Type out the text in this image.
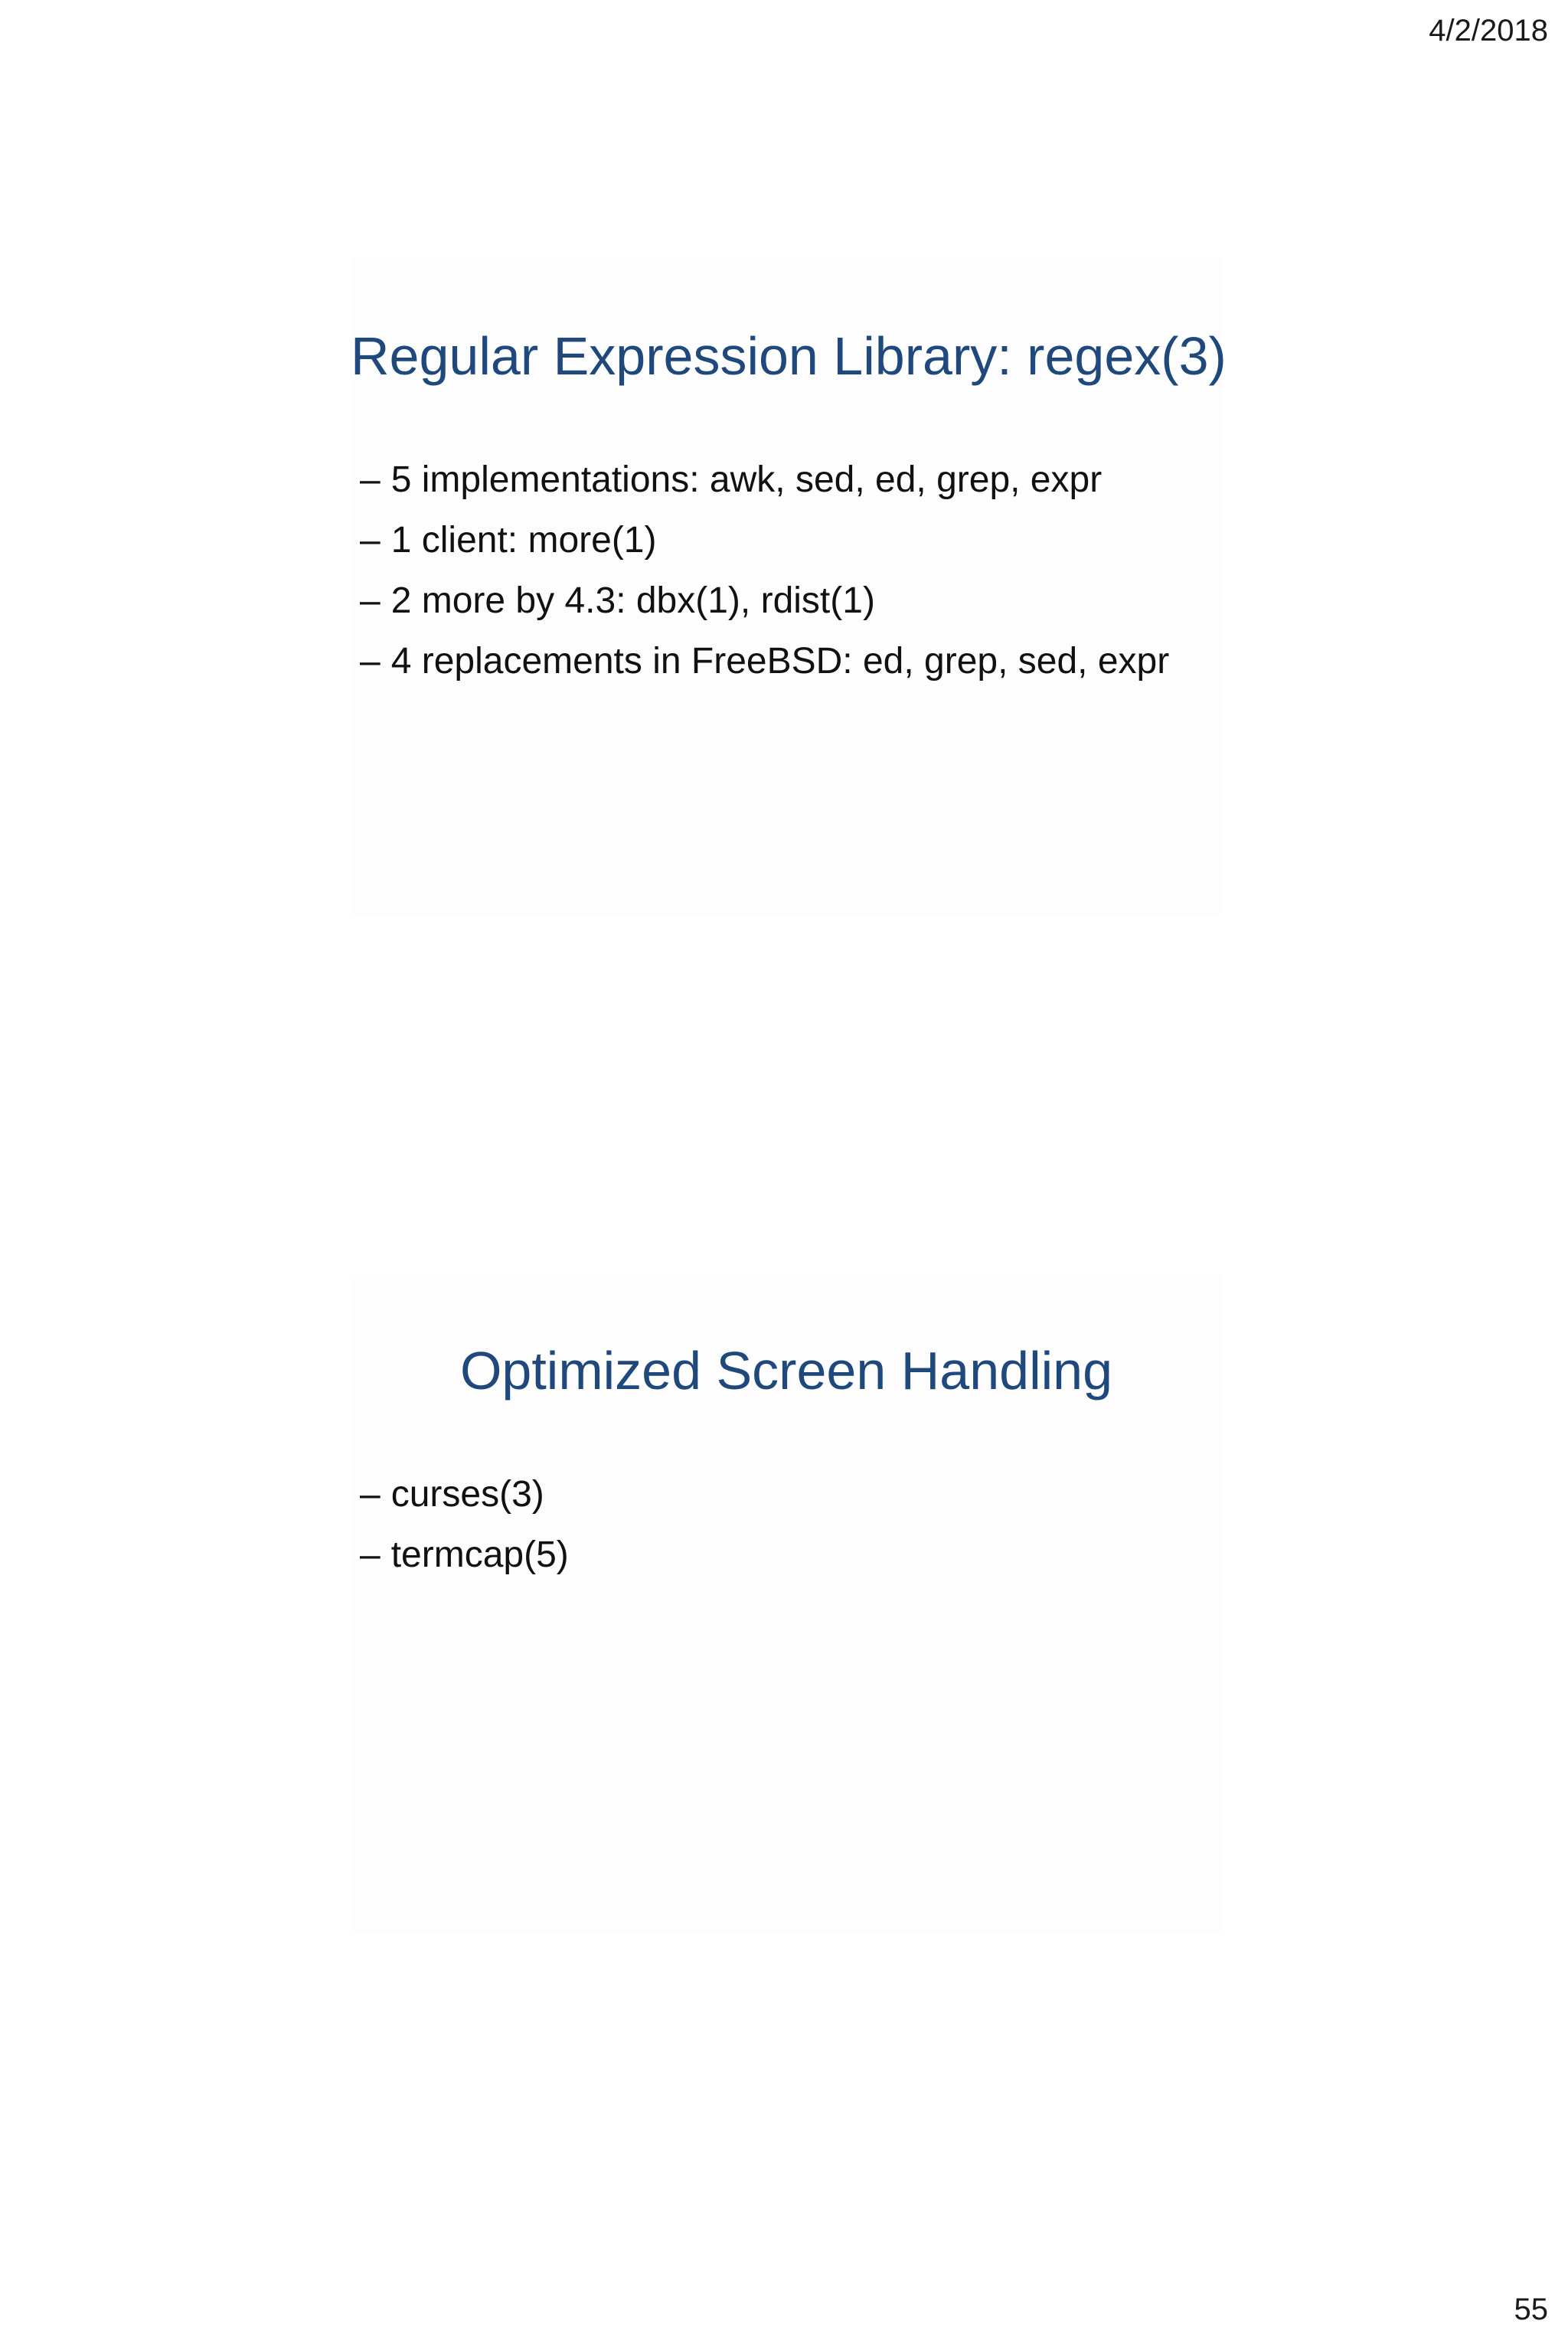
4/2/2018
Regular Expression Library: regex(3)
– 5 implementations: awk, sed, ed, grep, expr
– 1 client: more(1)
– 2 more by 4.3: dbx(1), rdist(1)
– 4 replacements in FreeBSD: ed, grep, sed, expr
Optimized Screen Handling
– curses(3)
– termcap(5)
55
